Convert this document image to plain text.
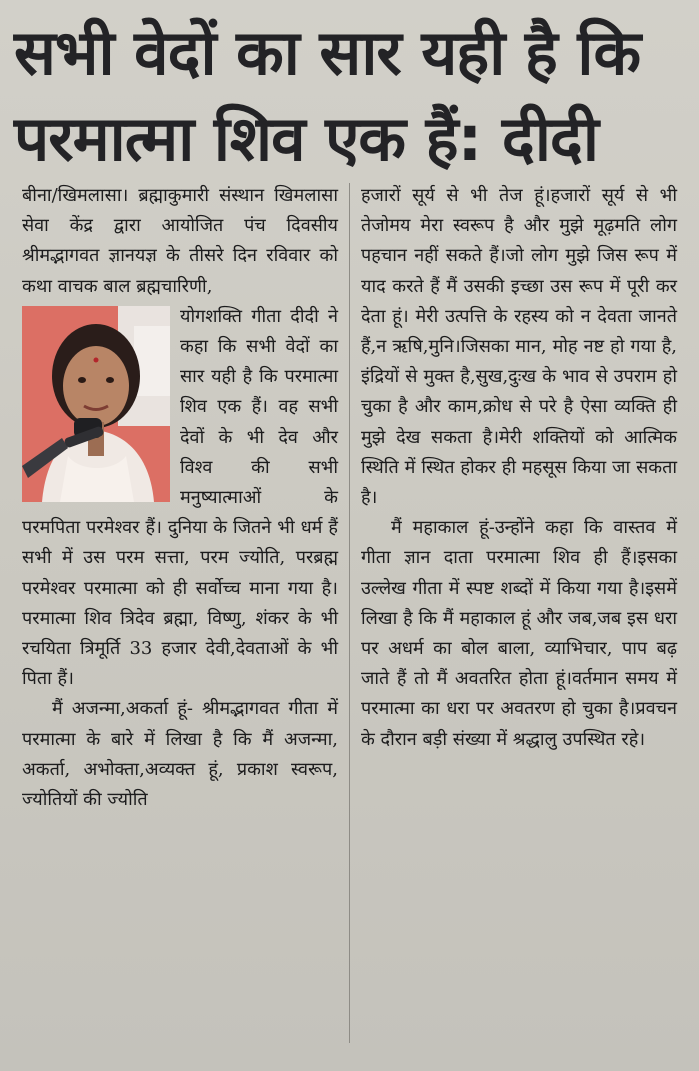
सभी वेदों का सार यही है कि
परमात्मा शिव एक हैं: दीदी

बीना/खिमलासा। ब्रह्माकुमारी संस्थान खिमलासा सेवा केंद्र द्वारा आयोजित पंच दिवसीय श्रीमद्भागवत ज्ञानयज्ञ के तीसरे दिन रविवार को कथा वाचक बाल ब्रह्मचारिणी,

योगशक्ति गीता दीदी ने कहा कि सभी वेदों का सार यही है कि परमात्मा शिव एक हैं। वह सभी देवों के भी देव और विश्व की सभी मनुष्यात्माओं के परमपिता परमेश्वर हैं। दुनिया के जितने भी धर्म हैं सभी में उस परम सत्ता, परम ज्योति, परब्रह्म परमेश्वर परमात्मा को ही सर्वोच्च माना गया है। परमात्मा शिव त्रिदेव ब्रह्मा, विष्णु, शंकर के भी रचयिता त्रिमूर्ति 33 हजार देवी,देवताओं के भी पिता हैं।

मैं अजन्मा,अकर्ता हूं- श्रीमद्भागवत गीता में परमात्मा के बारे में लिखा है कि मैं अजन्मा, अकर्ता, अभोक्ता,अव्यक्त हूं, प्रकाश स्वरूप, ज्योतियों की ज्योति

हजारों सूर्य से भी तेज हूं।हजारों सूर्य से भी तेजोमय मेरा स्वरूप है और मुझे मूढ़मति लोग पहचान नहीं सकते हैं।जो लोग मुझे जिस रूप में याद करते हैं मैं उसकी इच्छा उस रूप में पूरी कर देता हूं। मेरी उत्पत्ति के रहस्य को न देवता जानते हैं,न ऋषि,मुनि।जिसका मान, मोह नष्ट हो गया है, इंद्रियों से मुक्त है,सुख,दुःख के भाव से उपराम हो चुका है और काम,क्रोध से परे है ऐसा व्यक्ति ही मुझे देख सकता है।मेरी शक्तियों को आत्मिक स्थिति में स्थित होकर ही महसूस किया जा सकता है।

मैं महाकाल हूं-उन्होंने कहा कि वास्तव में गीता ज्ञान दाता परमात्मा शिव ही हैं।इसका उल्लेख गीता में स्पष्ट शब्दों में किया गया है।इसमें लिखा है कि मैं महाकाल हूं और जब,जब इस धरा पर अधर्म का बोल बाला, व्याभिचार, पाप बढ़ जाते हैं तो मैं अवतरित होता हूं।वर्तमान समय में परमात्मा का धरा पर अवतरण हो चुका है।प्रवचन के दौरान बड़ी संख्या में श्रद्धालु उपस्थित रहे।
